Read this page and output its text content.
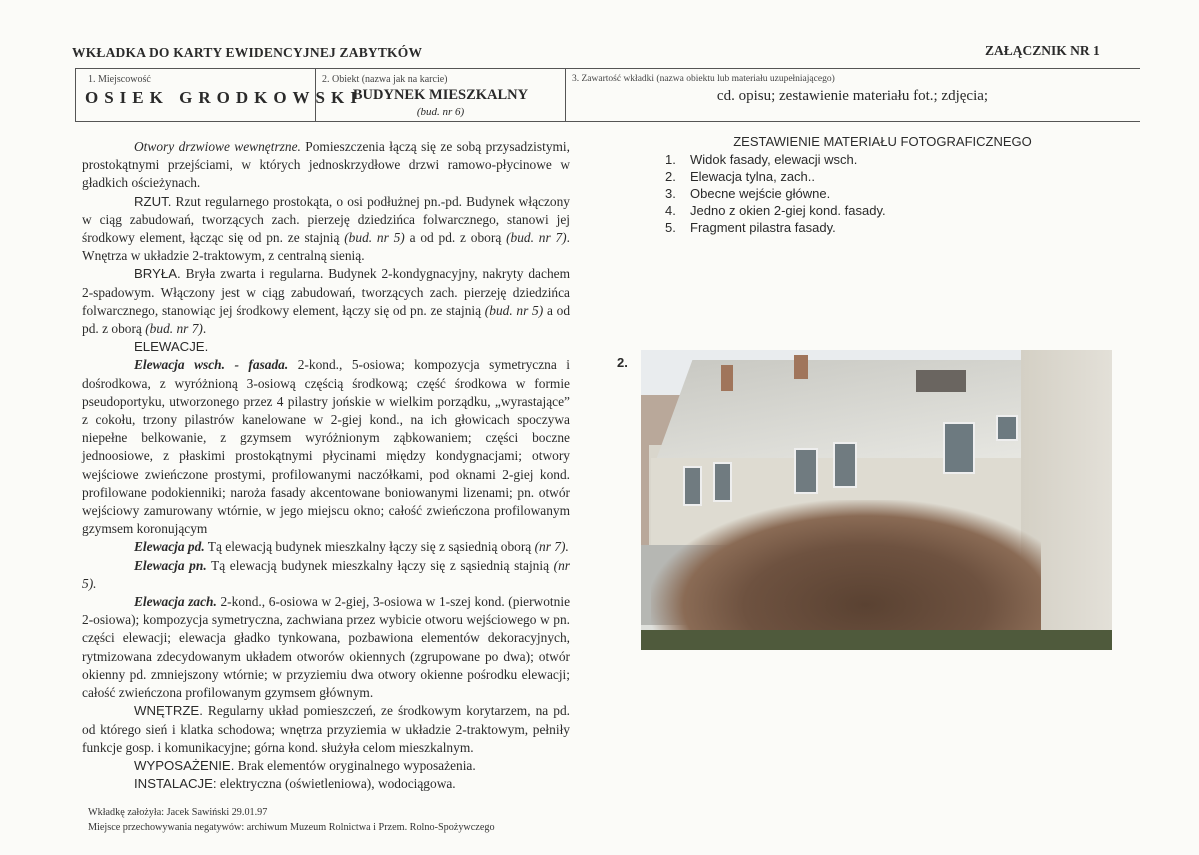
WKŁADKA DO KARTY EWIDENCYJNEJ ZABYTKÓW	ZAŁĄCZNIK NR 1
1. Miejscowość
OSIEK GRODKOWSKI
2. Obiekt (nazwa jak na karcie)
BUDYNEK MIESZKALNY
(bud. nr 6)
3. Zawartość wkładki (nazwa obiektu lub materiału uzupełniającego)
cd. opisu; zestawienie materiału fot.; zdjęcia;

Otwory drzwiowe wewnętrzne. Pomieszczenia łączą się ze sobą przysadzistymi, prostokątnymi przejściami, w których jednoskrzydłowe drzwi ramowo-płycinowe w gładkich ościeżynach.

RZUT. Rzut regularnego prostokąta, o osi podłużnej pn.-pd. Budynek włączony w ciąg zabudowań, tworzących zach. pierzeję dziedzińca folwarcznego, stanowi jej środkowy element, łącząc się od pn. ze stajnią (bud. nr 5) a od pd. z oborą (bud. nr 7). Wnętrza w układzie 2-traktowym, z centralną sienią.

BRYŁA. Bryła zwarta i regularna. Budynek 2-kondygnacyjny, nakryty dachem 2-spadowym. Włączony jest w ciąg zabudowań, tworzących zach. pierzeję dziedzińca folwarcznego, stanowiąc jej środkowy element, łączy się od pn. ze stajnią (bud. nr 5) a od pd. z oborą (bud. nr 7).

ELEWACJE.

Elewacja wsch. - fasada. 2-kond., 5-osiowa; kompozycja symetryczna i dośrodkowa, z wyróżnioną 3-osiową częścią środkową; część środkowa w formie pseudoportyku, utworzonego przez 4 pilastry jońskie w wielkim porządku, „wyrastające” z cokołu, trzony pilastrów kanelowane w 2-giej kond., na ich głowicach spoczywa niepełne belkowanie, z gzymsem wyróżnionym ząbkowaniem; części boczne jednoosiowe, z płaskimi prostokątnymi płycinami między kondygnacjami; otwory wejściowe zwieńczone prostymi, profilowanymi naczółkami, pod oknami 2-giej kond. profilowane podokienniki; naroża fasady akcentowane boniowanymi lizenami; pn. otwór wejściowy zamurowany wtórnie, w jego miejscu okno; całość zwieńczona profilowanym gzymsem koronującym

Elewacja pd. Tą elewacją budynek mieszkalny łączy się z sąsiednią oborą (nr 7).

Elewacja pn. Tą elewacją budynek mieszkalny łączy się z sąsiednią stajnią (nr 5).

Elewacja zach. 2-kond., 6-osiowa w 2-giej, 3-osiowa w 1-szej kond. (pierwotnie 2-osiowa); kompozycja symetryczna, zachwiana przez wybicie otworu wejściowego w pn. części elewacji; elewacja gładko tynkowana, pozbawiona elementów dekoracyjnych, rytmizowana zdecydowanym układem otworów okiennych (zgrupowane po dwa); otwór okienny pd. zmniejszony wtórnie; w przyziemiu dwa otwory okienne pośrodku elewacji; całość zwieńczona profilowanym gzymsem głównym.

WNĘTRZE. Regularny układ pomieszczeń, ze środkowym korytarzem, na pd. od którego sień i klatka schodowa; wnętrza przyziemia w układzie 2-traktowym, pełniły funkcje gosp. i komunikacyjne; górna kond. służyła celom mieszkalnym.

WYPOSAŻENIE. Brak elementów oryginalnego wyposażenia.

INSTALACJE: elektryczna (oświetleniowa), wodociągowa.

Wkładkę założyła: Jacek Sawiński 29.01.97
Miejsce przechowywania negatywów: archiwum Muzeum Rolnictwa i Przem. Rolno-Spożywczego
ZESTAWIENIE MATERIAŁU FOTOGRAFICZNEGO
1. Widok fasady, elewacji wsch.
2. Elewacja tylna, zach..
3. Obecne wejście główne.
4. Jedno z okien 2-giej kond. fasady.
5. Fragment pilastra fasady.
2.
